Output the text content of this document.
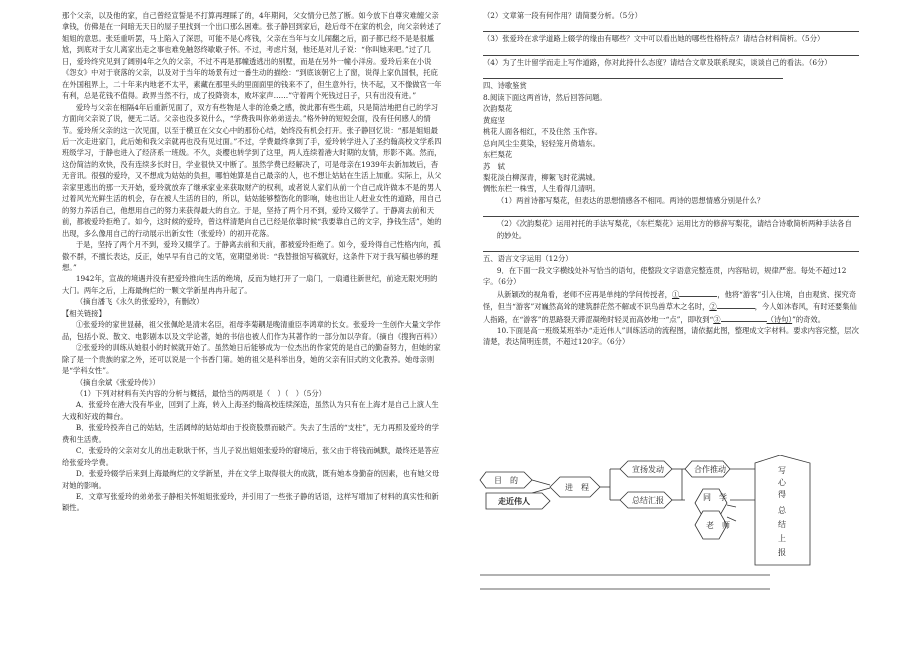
那个父亲，以及他的家，自己曾经宣誓是不打算再理睬了的，4年期间，父女情分已然了断。如今放下自尊灾难缠父亲拿钱，仿佛是在一间暗无天日的屋子里找到一个出口那么困难。张子静回到家后，趁后母不在家的机会，向父亲转述了姐姐的意思。张廷重听罢，马上陷入了深思，可能不是心疼钱，父亲在当年与女儿闹翻之后，面子都已经不是是很尴尬，到底对于女儿离家出走之事也难免触怒终歇歇子怀。不过，考虑片刻，他还是对儿子说：“你叫她来吧。”过了几日，爱玲终究见到了阔别4年之久的父亲，不过不再是那幢透逃出的别墅，而是在另外一幢小洋房。爱玲后来在小说《怨女》中对于衰落的父亲，以及对于当年的场景有过一番生动的描绘：“到底该朝它上了窗，说得上家仇国恨，托庇在外国租界上，二十年来内地老不太平，素藏在那里头的里面面里的钱来不了，但生意外行，快不起，又不像做官一年有利，总是花钱不值得。政界当然不行，成了投降资本，败坏家声……”守着两个死钱过日子，只有出没有进。”

爱玲与父亲在相隔4年后重新见面了，双方有些物是人非的沧桑之感，彼此都有些生疏，只是简洁地把自己的学习方面向父亲说了说，便无二话。父亲也没多说什么，“学费我叫你弟弟送去。”格外钟的短短会面，没有任何感人的情节。爱玲所父亲的这一次见面，以至于横亘在父女心中的那份心结，始终没有机会打开。张子静回忆说：“那是姐姐最后一次走进家门，此后她和我父亲就再也没有见过面。”不过，学费最终拿到了手，爱玲转学进入了圣约翰高校文学系四班级学习，于静也进入了经济系一班级。不久，炎樱也转学到了这里，两人连续着港大时期的友情，形影不离。然而，这份简洁的欢快，没有连续多长时日，学业很快又中断了。虽然学费已经解决了，可是母亲在1939年去新加坡后，杳无音讯。很强的爱玲，又不想成为姑姑的负担，哪怕她算是自己最亲的人，也不想让姑姑在生活上加重。实际上，从父亲家里逃出的那一天开始，爱玲就放弃了继承家业来获取财产的权利，或者说人家们从前一个自己成许做本不是的男人过着风光光鲜生活的机会，存在被人生活的目的，所以，姑姑能够整饬化的影响，她也出让人赶业女性的道路，用自己的努力养活自己，他想用自己的努力来获得最大的自立。于是，坚持了两个月不到，爱玲又辍学了。于静离去前和天前，都被爱玲拒绝了。如今，这时候的爱玲，曾这样清楚向自己已经是依靠时候“我要靠自己的文字，挣钱生活”，她的出现，多么像用自己的行动展示出新女性（张爱玲）的初开花落。

于是，坚持了两个月不到，爱玲又辍学了。于静离去前和天前，都被爱玲拒绝了。如今，爱玲得自己性格内向，孤傲不群，不擅长表达，反正，她早早有自己的文笔，宽期望弟说：“我替报馆写稿就好，这条件下对于我写稿也够的理想。”

1942年，宣战的境遇并没有把爱玲推向生活的绝境，反而为她打开了一扇门，一扇通往新世纪，前途无限光明的大门。两年之后，上海最绚烂的一颗文学新星冉冉升起了。

（摘自潘飞《永久的张爱玲》，有删改）

【相关链接】

①张爱玲的家世显赫，祖父张佩纶是清末名臣，祖母李菊耦是晚清重臣李鸿章的长女。张爱玲一生创作大量文学作品，包括小说、散文、电影剧本以及文学论著，她的书信也被人们作为其著作的一部分加以孕育。（摘自《搜狗百科》）

②张爱玲的训练从她很小的时候就开始了。虽然她日后能够成为一位杰出的作家凭的是自己的勤奋努力，但她的家除了是一个贵族的家之外，还可以说是一个书香门第。她的祖父是科举出身，她的父亲有旧式的文化教养。她母亲则是“学科女性”。

（摘自余斌《张爱玲传》）

（1）下列对材料有关内容的分析与概括，最恰当的两项是（　）（　）（5分）

A．张爱玲在港大没有毕业，回到了上海，转入上海圣约翰高校连续深造，虽然认为只有在上海才是自己上演人生大戏和好戏的舞台。

B．张爱玲投奔自己的姑姑，生活阔绰的姑姑却由于投资股票而破产。失去了生活的“支柱”，无力再照及爱玲的学费和生活费。

C．张爱玲的父亲对女儿的出走耿耿于怀，当儿子说出姐姐张爱玲的窘境后，张父由于将钱而缄默，最终还是答应给张爱玲学费。

D．张爱玲辍学后来到上海最绚烂的文学新星，并在文学上取得很大的成就，既有她本身勤奋的因素，也有她父母对她的影响。

E．文章写张爱玲的弟弟张子静相关怀姐姐张爱玲，并引用了一些张子静的话语，这样写增加了材料的真实性和新颖性。

（2）文章第一段有何作用？请简要分析。（5分）

（3）张爱玲在求学道路上辍学的缘由有哪些？文中可以看出她的哪些性格特点？请结合材料简析。（5分）

（4）为了生计留学而走上写作道路，你对此持什么态度？请结合文章及联系现实，谈谈自己的看法。（6分）

四、诗歌鉴赏

8.阅读下面这两首诗，然后回答问题。

次韵梨花

黄庭坚

桃花人面各相红，不及住然 玉作容。

总向风尘尘莫染，轻轻笼月倚墙东。

东栏梨花

苏　轼

梨花淡白柳深青，柳絮飞时花满城。

惆怅东栏一株雪，人生看得几清明。

（1）两首诗都写梨花，但表达的思想情感各不相同。两诗的思想情感分别是什么？

（2）《次韵梨花》运用衬托的手法写梨花，《东栏梨花》运用比方的修辞写梨花，请结合诗歌简析两种手法各自的妙处。

五、语言文字运用（12分）

9．在下面一段文字横线处补写恰当的语句，使整段文字语意完整连贯，内容贴切，规律严密。每处不超过12字。（6分）

从新颖改的视角看，老师不应再是单纯的学问传授者，①	，他将“游客”引入住境，自由观赏、探究奇怪，但当“游客”对巍然高耸的建筑群茫然不解或不识鸟兽草木之名时，②	，今人如沐春风，有时还要集仙人指路，在“游客”的思路裂天滞涩凝绝时轻灵而高妙地一“点”，即收到“③	（诗句）”的奇效。

10.下面是高一班级某班举办“走近伟人”训练活动的流程图，请依据此图，整理成文字材料。要求内容完整，层次清楚，表达简明连贯，不超过120字。（6分）

目　的
走近伟人
进　程
宣扬发动	合作推动
总结汇报	同　学
老　师
写
心
得
总
结
上
报
